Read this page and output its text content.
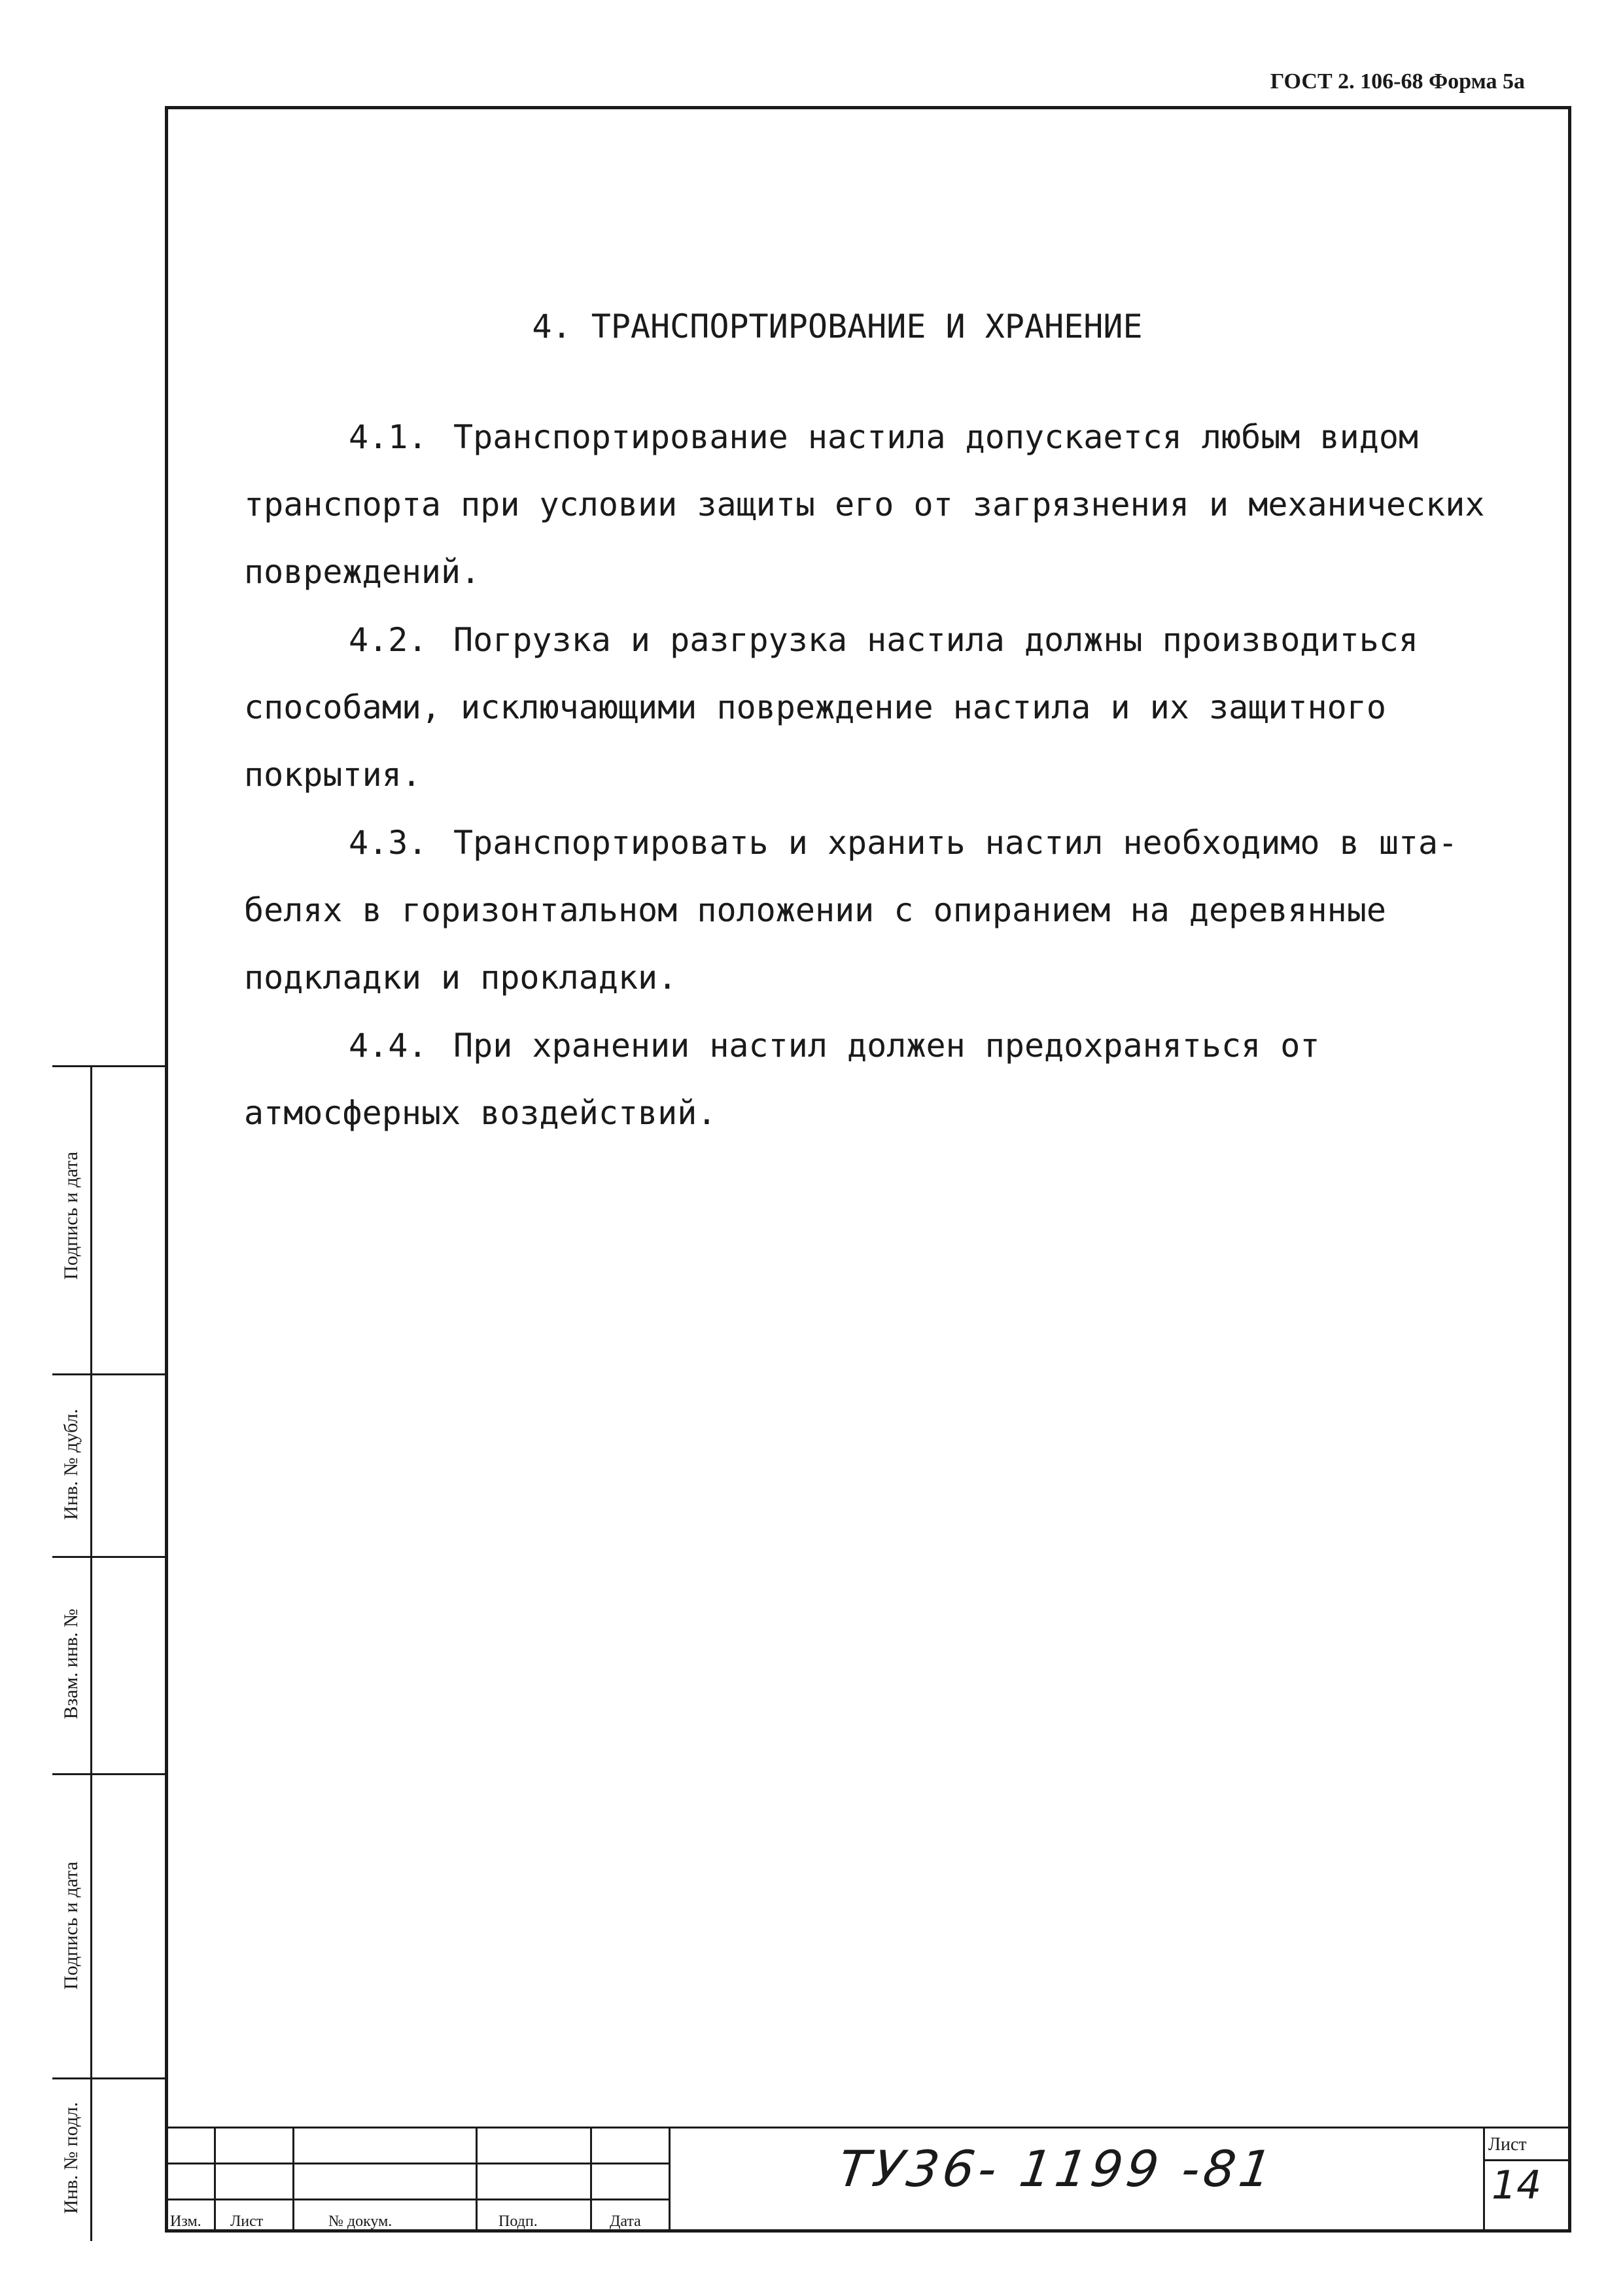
ГОСТ 2. 106-68 Форма 5а
4. ТРАНСПОРТИРОВАНИЕ И ХРАНЕНИЕ
4.1. Транспортирование настила допускается любым видом
транспорта при условии защиты его от загрязнения и механических
повреждений.
4.2. Погрузка и разгрузка настила должны производиться
способами, исключающими повреждение настила и их защитного
покрытия.
4.3. Транспортировать и хранить настил необходимо в шта-
белях в горизонтальном положении с опиранием на деревянные
подкладки и прокладки.
4.4. При хранении настил должен предохраняться от
атмосферных воздействий.
Подпись и дата
Инв. № дубл.
Взам. инв. №
Подпись и дата
Инв. № подл.
Изм. Лист	№ докум.	Подп.	Дата
ТУ36- 1199 -81	Лист
14
